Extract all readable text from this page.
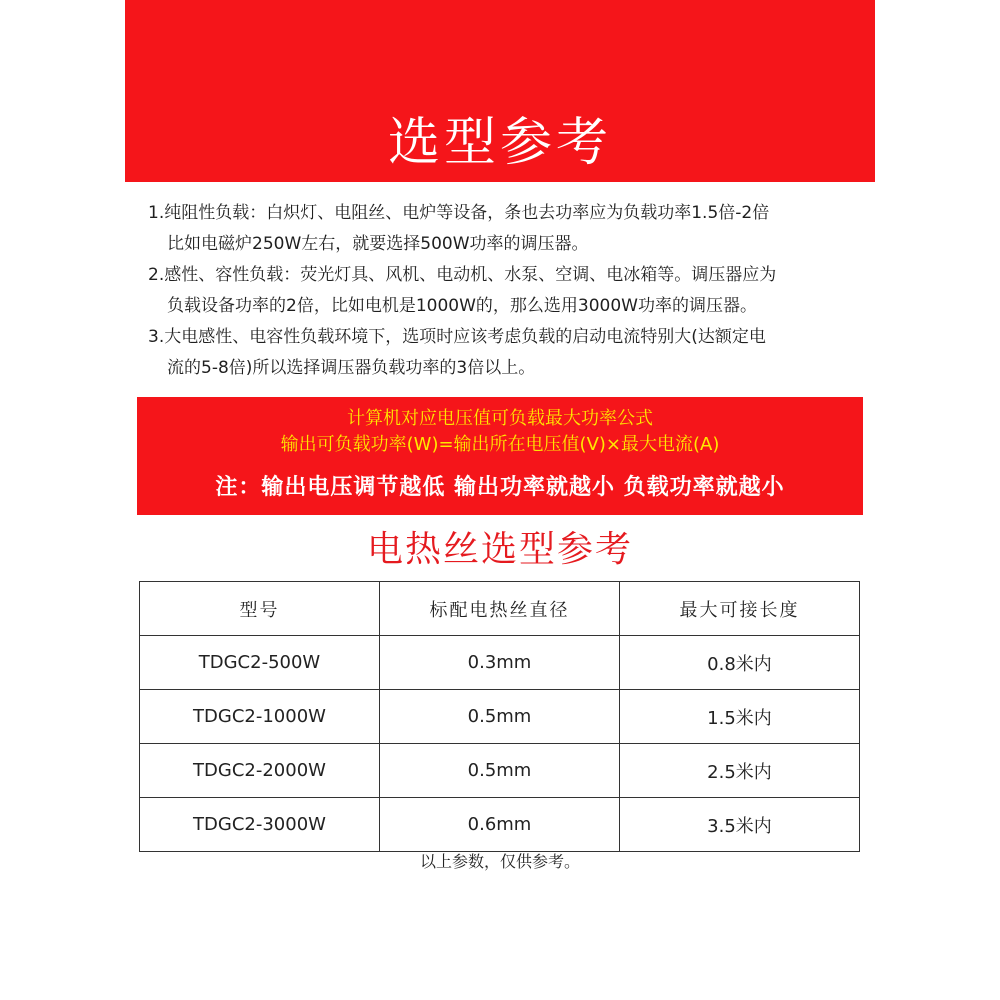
选型参考
1.纯阻性负载：白炽灯、电阻丝、电炉等设备，条也去功率应为负载功率1.5倍-2倍
比如电磁炉250W左右，就要选择500W功率的调压器。
2.感性、容性负载：荧光灯具、风机、电动机、水泵、空调、电冰箱等。调压器应为
负载设备功率的2倍，比如电机是1000W的，那么选用3000W功率的调压器。
3.大电感性、电容性负载环境下，选项时应该考虑负载的启动电流特别大(达额定电
流的5-8倍)所以选择调压器负载功率的3倍以上。
计算机对应电压值可负载最大功率公式
输出可负载功率(W)=输出所在电压值(V)×最大电流(A)
注：输出电压调节越低 输出功率就越小 负载功率就越小
电热丝选型参考
型号	标配电热丝直径	最大可接长度
TDGC2-500W	0.3mm	0.8米内
TDGC2-1000W	0.5mm	1.5米内
TDGC2-2000W	0.5mm	2.5米内
TDGC2-3000W	0.6mm	3.5米内
以上参数，仅供参考。
